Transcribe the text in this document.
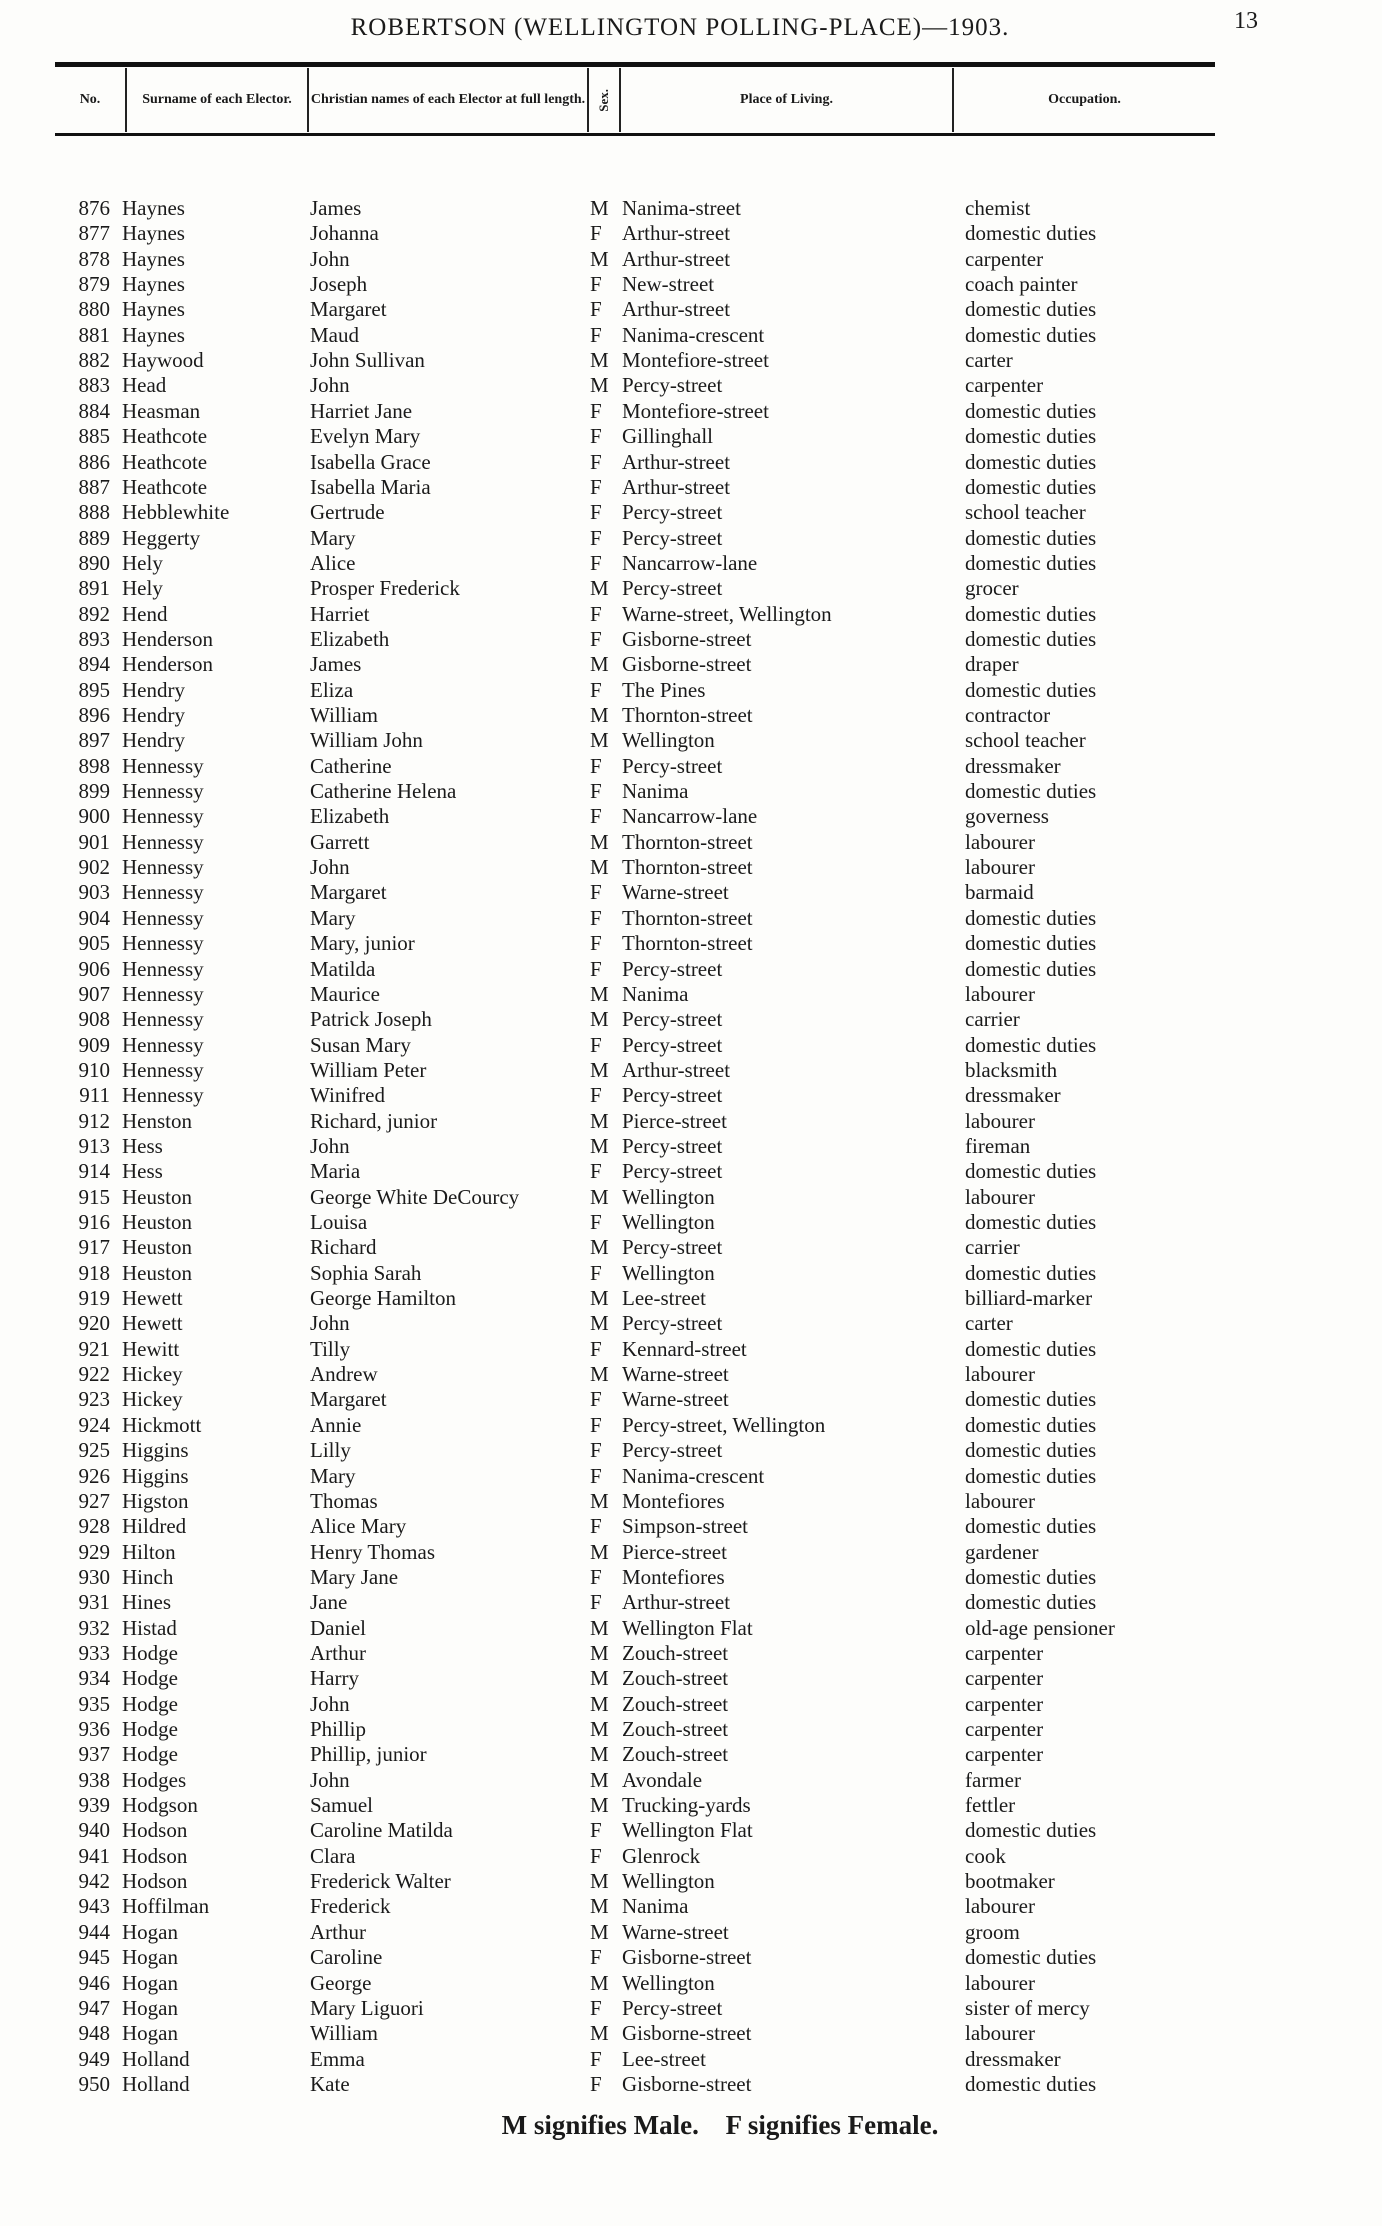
ROBERTSON (WELLINGTON POLLING-PLACE)—1903.	13
No.	Surname of each Elector.	Christian names of each Elector at full length. Sex.	Place of Living.	Occupation.
876 Haynes	James	M Nanima-street	chemist
877 Haynes	Johanna	F Arthur-street	domestic duties
878 Haynes	John	M Arthur-street	carpenter
879 Haynes	Joseph	F New-street	coach painter
880 Haynes	Margaret	F Arthur-street	domestic duties
881 Haynes	Maud	F Nanima-crescent	domestic duties
882 Haywood	John Sullivan	M Montefiore-street	carter
883 Head	John	M Percy-street	carpenter
884 Heasman	Harriet Jane	F Montefiore-street	domestic duties
885 Heathcote	Evelyn Mary	F Gillinghall	domestic duties
886 Heathcote	Isabella Grace	F Arthur-street	domestic duties
887 Heathcote	Isabella Maria	F Arthur-street	domestic duties
888 Hebblewhite	Gertrude	F Percy-street	school teacher
889 Heggerty	Mary	F Percy-street	domestic duties
890 Hely	Alice	F Nancarrow-lane	domestic duties
891 Hely	Prosper Frederick	M Percy-street	grocer
892 Hend	Harriet	F Warne-street, Wellington	domestic duties
893 Henderson	Elizabeth	F Gisborne-street	domestic duties
894 Henderson	James	M Gisborne-street	draper
895 Hendry	Eliza	F The Pines	domestic duties
896 Hendry	William	M Thornton-street	contractor
897 Hendry	William John	M Wellington	school teacher
898 Hennessy	Catherine	F Percy-street	dressmaker
899 Hennessy	Catherine Helena	F Nanima	domestic duties
900 Hennessy	Elizabeth	F Nancarrow-lane	governess
901 Hennessy	Garrett	M Thornton-street	labourer
902 Hennessy	John	M Thornton-street	labourer
903 Hennessy	Margaret	F Warne-street	barmaid
904 Hennessy	Mary	F Thornton-street	domestic duties
905 Hennessy	Mary, junior	F Thornton-street	domestic duties
906 Hennessy	Matilda	F Percy-street	domestic duties
907 Hennessy	Maurice	M Nanima	labourer
908 Hennessy	Patrick Joseph	M Percy-street	carrier
909 Hennessy	Susan Mary	F Percy-street	domestic duties
910 Hennessy	William Peter	M Arthur-street	blacksmith
911 Hennessy	Winifred	F Percy-street	dressmaker
912 Henston	Richard, junior	M Pierce-street	labourer
913 Hess	John	M Percy-street	fireman
914 Hess	Maria	F Percy-street	domestic duties
915 Heuston	George White DeCourcy	M Wellington	labourer
916 Heuston	Louisa	F Wellington	domestic duties
917 Heuston	Richard	M Percy-street	carrier
918 Heuston	Sophia Sarah	F Wellington	domestic duties
919 Hewett	George Hamilton	M Lee-street	billiard-marker
920 Hewett	John	M Percy-street	carter
921 Hewitt	Tilly	F Kennard-street	domestic duties
922 Hickey	Andrew	M Warne-street	labourer
923 Hickey	Margaret	F Warne-street	domestic duties
924 Hickmott	Annie	F Percy-street, Wellington	domestic duties
925 Higgins	Lilly	F Percy-street	domestic duties
926 Higgins	Mary	F Nanima-crescent	domestic duties
927 Higston	Thomas	M Montefiores	labourer
928 Hildred	Alice Mary	F Simpson-street	domestic duties
929 Hilton	Henry Thomas	M Pierce-street	gardener
930 Hinch	Mary Jane	F Montefiores	domestic duties
931 Hines	Jane	F Arthur-street	domestic duties
932 Histad	Daniel	M Wellington Flat	old-age pensioner
933 Hodge	Arthur	M Zouch-street	carpenter
934 Hodge	Harry	M Zouch-street	carpenter
935 Hodge	John	M Zouch-street	carpenter
936 Hodge	Phillip	M Zouch-street	carpenter
937 Hodge	Phillip, junior	M Zouch-street	carpenter
938 Hodges	John	M Avondale	farmer
939 Hodgson	Samuel	M Trucking-yards	fettler
940 Hodson	Caroline Matilda	F Wellington Flat	domestic duties
941 Hodson	Clara	F Glenrock	cook
942 Hodson	Frederick Walter	M Wellington	bootmaker
943 Hoffilman	Frederick	M Nanima	labourer
944 Hogan	Arthur	M Warne-street	groom
945 Hogan	Caroline	F Gisborne-street	domestic duties
946 Hogan	George	M Wellington	labourer
947 Hogan	Mary Liguori	F Percy-street	sister of mercy
948 Hogan	William	M Gisborne-street	labourer
949 Holland	Emma	F Lee-street	dressmaker
950 Holland	Kate	F Gisborne-street	domestic duties
M signifies Male. F signifies Female.
